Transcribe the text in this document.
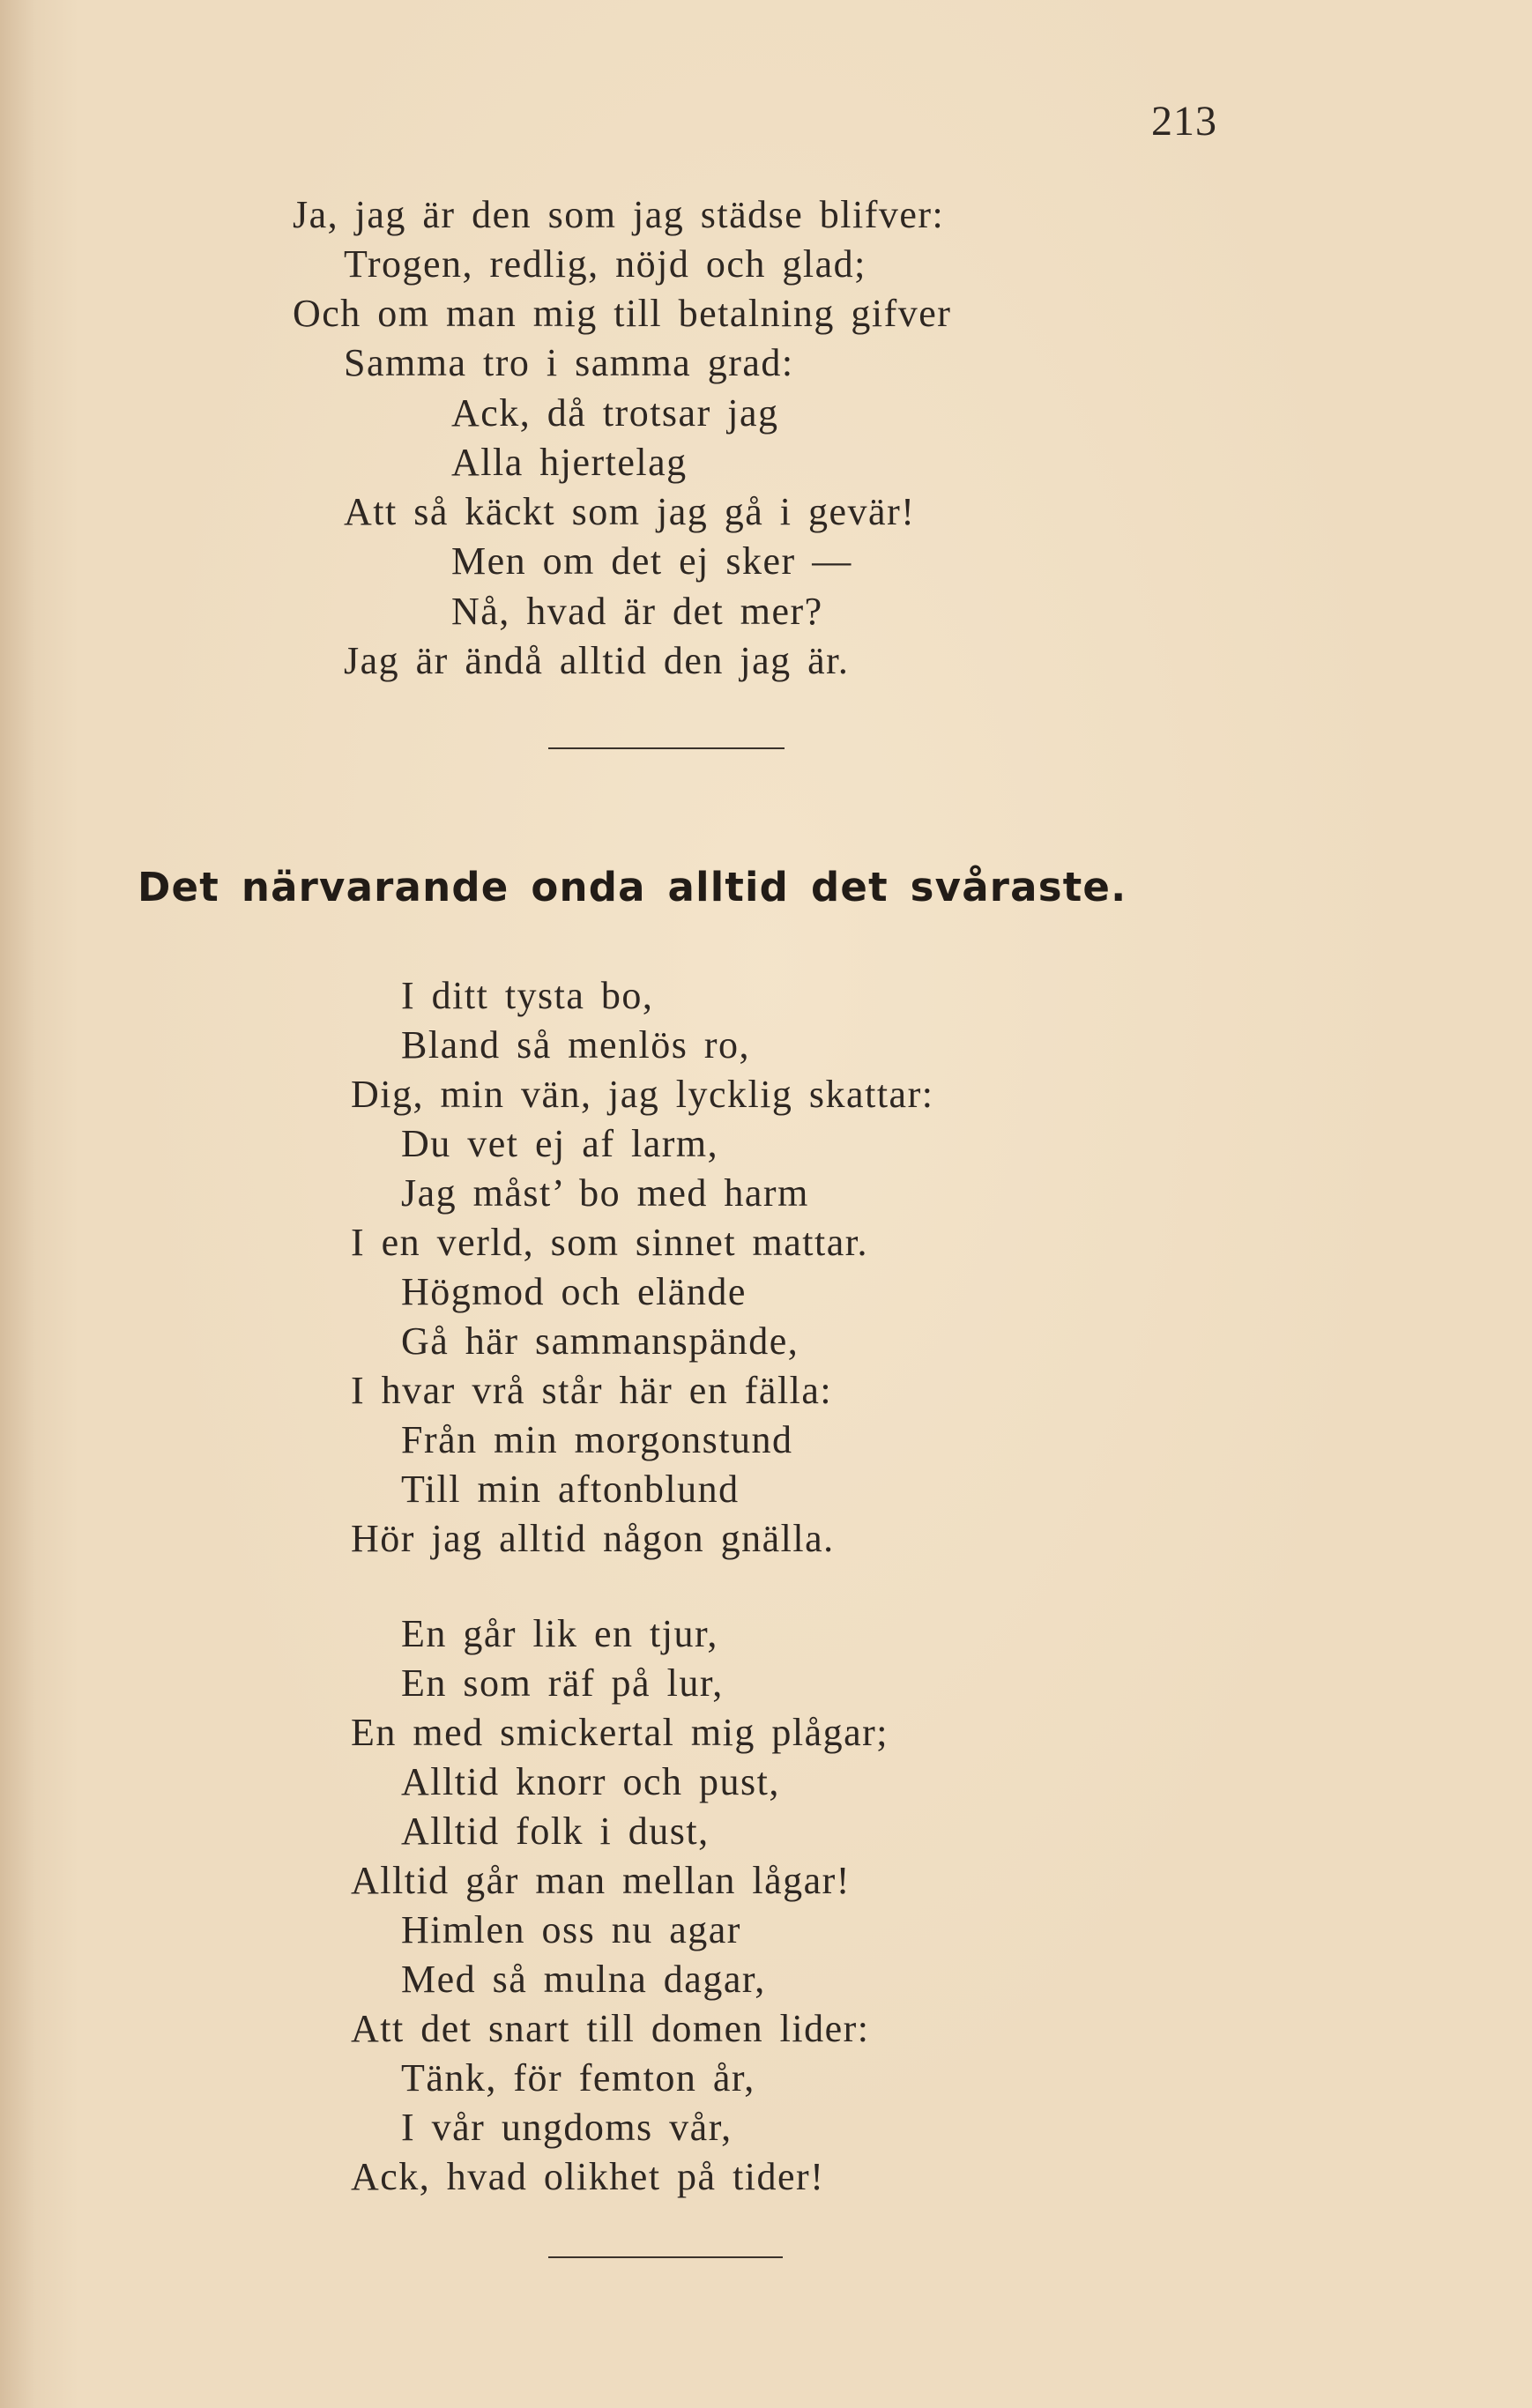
213
Ja, jag är den som jag städse blifver:
Trogen, redlig, nöjd och glad;
Och om man mig till betalning gifver
Samma tro i samma grad:
Ack, då trotsar jag
Alla hjertelag
Att så käckt som jag gå i gevär!
Men om det ej sker —
Nå, hvad är det mer?
Jag är ändå alltid den jag är.
Det närvarande onda alltid det svåraste.
I ditt tysta bo,
Bland så menlös ro,
Dig, min vän, jag lycklig skattar:
Du vet ej af larm,
Jag måst’ bo med harm
I en verld, som sinnet mattar.
Högmod och elände
Gå här sammanspände,
I hvar vrå står här en fälla:
Från min morgonstund
Till min aftonblund
Hör jag alltid någon gnälla.
En går lik en tjur,
En som räf på lur,
En med smickertal mig plågar;
Alltid knorr och pust,
Alltid folk i dust,
Alltid går man mellan lågar!
Himlen oss nu agar
Med så mulna dagar,
Att det snart till domen lider:
Tänk, för femton år,
I vår ungdoms vår,
Ack, hvad olikhet på tider!
